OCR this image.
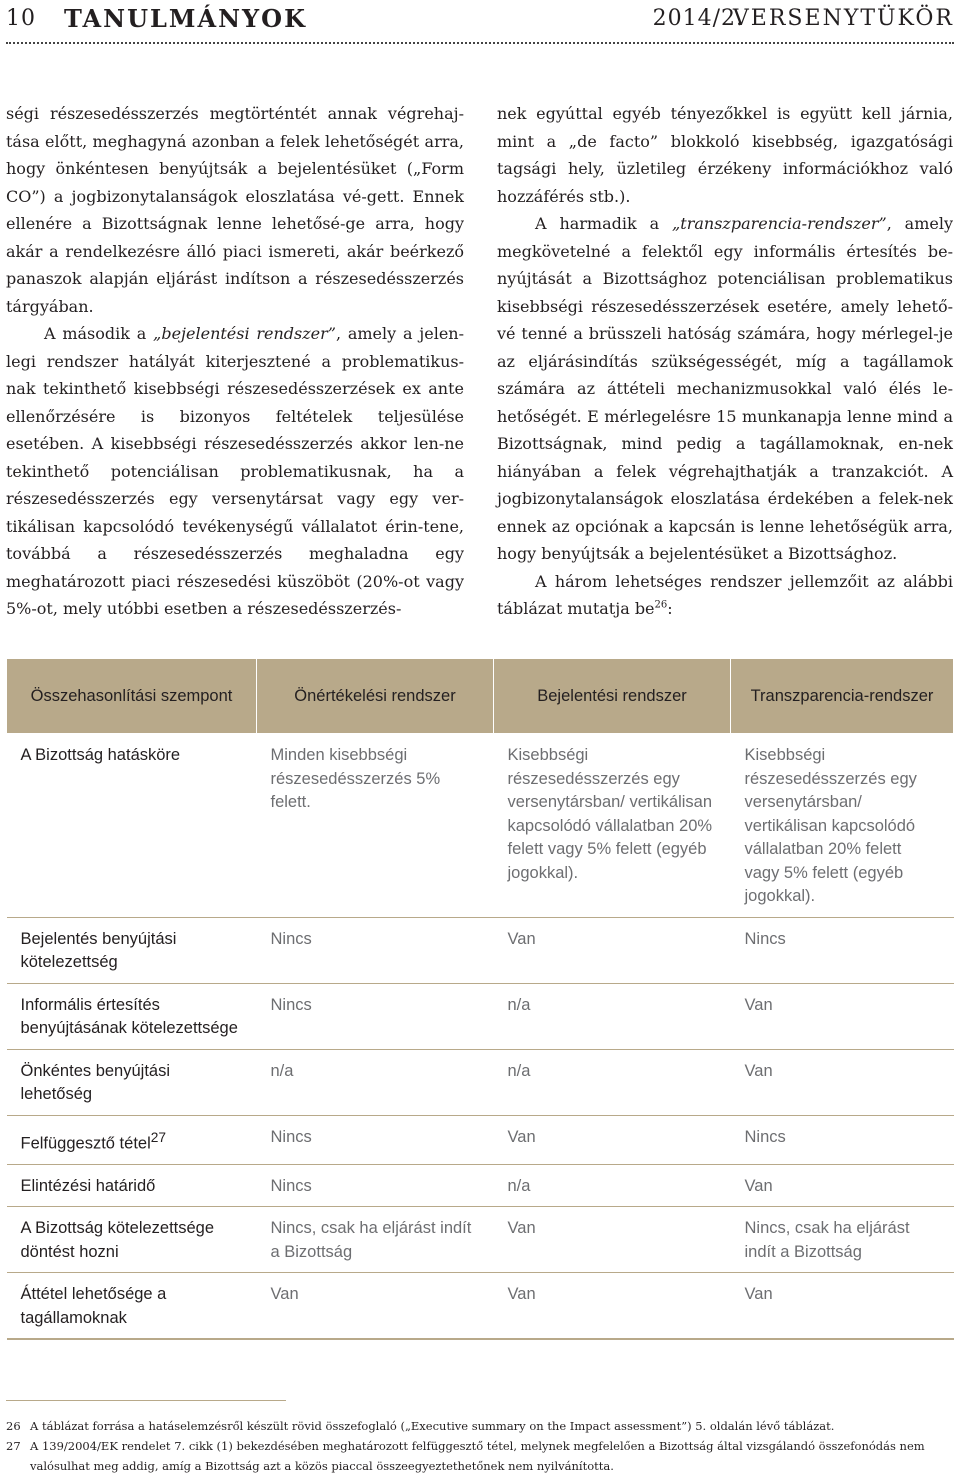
10 TANULMÁNYOK	2014/2.
VERSENYTÜKÖR

ségi részesedésszerzés megtörténtét annak végrehaj-tása előtt, meghagyná azonban a felek lehetőségét arra, hogy önkéntesen benyújtsák a bejelentésüket („Form CO”) a jogbizonytalanságok eloszlatása vé-gett. Ennek ellenére a Bizottságnak lenne lehetősé-ge arra, hogy akár a rendelkezésre álló piaci ismereti, akár beérkező panaszok alapján eljárást indítson a részesedésszerzés tárgyában.

A második a „bejelentési rendszer”, amely a jelen-legi rendszer hatályát kiterjesztené a problematikus-nak tekinthető kisebbségi részesedésszerzések ex ante ellenőrzésére is bizonyos feltételek teljesülése esetében. A kisebbségi részesedésszerzés akkor len-ne tekinthető potenciálisan problematikusnak, ha a részesedésszerzés egy versenytársat vagy egy ver-tikálisan kapcsolódó tevékenységű vállalatot érin-tene, továbbá a részesedésszerzés meghaladna egy meghatározott piaci részesedési küszöböt (20%-ot vagy 5%-ot, mely utóbbi esetben a részesedésszerzés-

nek egyúttal egyéb tényezőkkel is együtt kell járnia, mint a „de facto” blokkoló kisebbség, igazgatósági tagsági hely, üzletileg érzékeny információkhoz való hozzáférés stb.).

A harmadik a „transzparencia-rendszer”, amely megkövetelné a felektől egy informális értesítés be-nyújtását a Bizottsághoz potenciálisan problematikus kisebbségi részesedésszerzések esetére, amely lehető-vé tenné a brüsszeli hatóság számára, hogy mérlegel-je az eljárásindítás szükségességét, míg a tagállamok számára az áttételi mechanizmusokkal való élés le-hetőségét. E mérlegelésre 15 munkanapja lenne mind a Bizottságnak, mind pedig a tagállamoknak, en-nek hiányában a felek végrehajthatják a tranzakciót. A jogbizonytalanságok eloszlatása érdekében a felek-nek ennek az opciónak a kapcsán is lenne lehetőségük arra, hogy benyújtsák a bejelentésüket a Bizottsághoz.

A három lehetséges rendszer jellemzőit az alábbi táblázat mutatja $be^{26}$:

Összehasonlítási szempont	Önértékelési rendszer	Bejelentési rendszer	Transzparencia-rendszer
A Bizottság hatásköre	Minden kisebbségi részesedésszerzés 5% felett.	Kisebbségi részesedésszerzés egy versenytársban/ vertikálisan kapcsolódó vállalatban 20% felett vagy 5% felett (egyéb jogokkal).	Kisebbségi részesedésszerzés egy versenytársban/ vertikálisan kapcsolódó vállalatban 20% felett vagy 5% felett (egyéb jogokkal).
Bejelentés benyújtási kötelezettség	Nincs	Van	Nincs
Informális értesítés benyújtásának kötelezettsége	Nincs	n/a	Van
Önkéntes benyújtási lehetőség	n/a	n/a	Van
Felfüggesztő tétel$^{27}$	Nincs	Van	Nincs
Elintézési határidő	Nincs	n/a	Van
A Bizottság kötelezettsége döntést hozni	Nincs, csak ha eljárást indít a Bizottság	Van	Nincs, csak ha eljárást indít a Bizottság
Áttétel lehetősége a tagállamoknak	Van	Van	Van
26 A táblázat forrása a hatáselemzésről készült rövid összefoglaló („Executive summary on the Impact assessment”) 5. oldalán lévő táblázat.
27 A 139/2004/EK rendelet 7. cikk (1) bekezdésében meghatározott felfüggesztő tétel, melynek megfelelően a Bizottság által vizsgálandó összefonódás nem valósulhat meg addig, amíg a Bizottság azt a közös piaccal összeegyeztethetőnek nem nyilvánította.
